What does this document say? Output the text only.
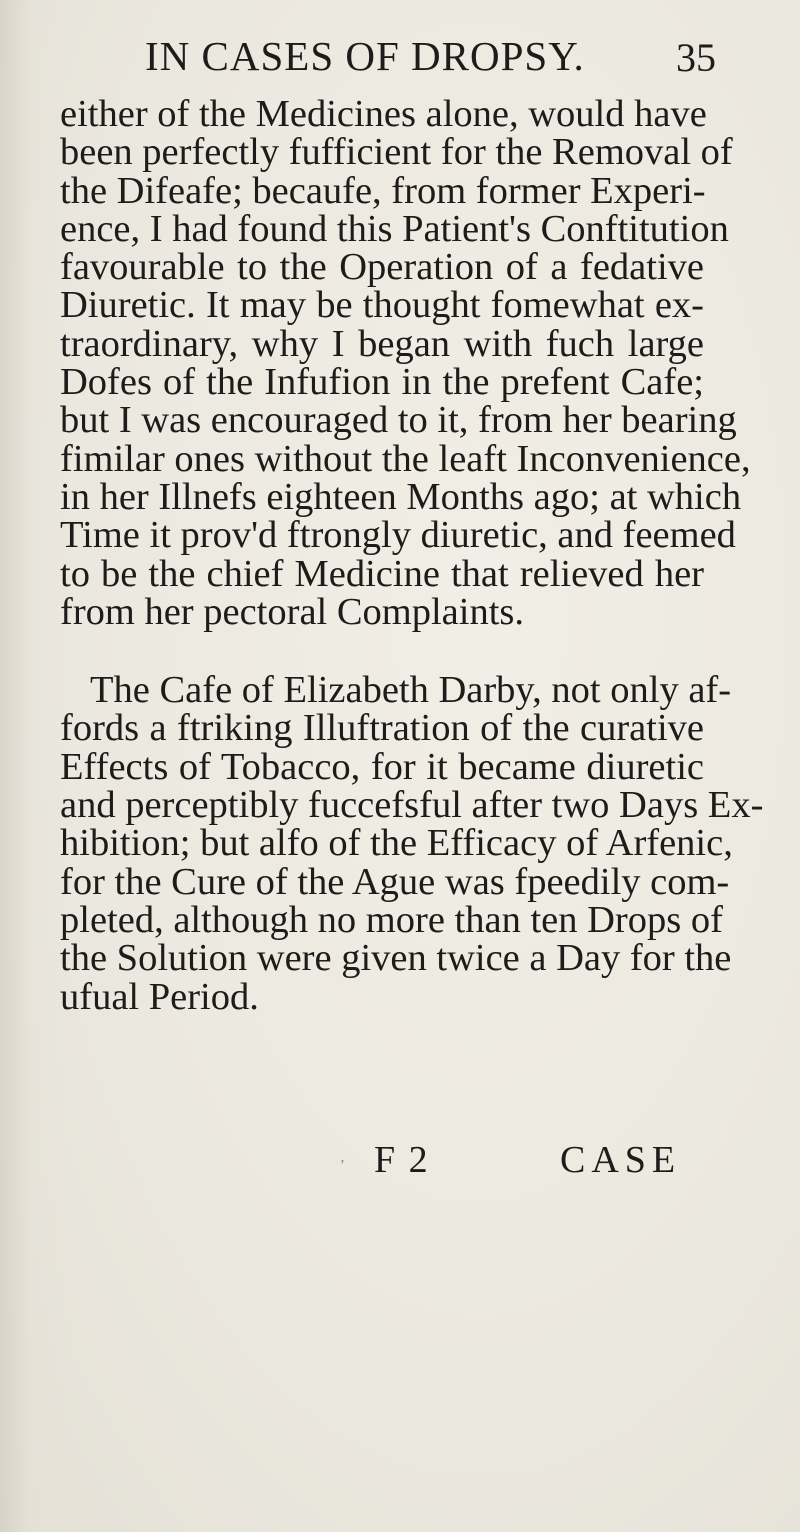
IN CASES OF DROPSY. 35

either of the Medicines alone, would have
been perfectly fufficient for the Removal of
the Difeafe; becaufe, from former Experi-
ence, I had found this Patient's Conftitution
favourable to the Operation of a fedative
Diuretic. It may be thought fomewhat ex-
traordinary, why I began with fuch large
Dofes of the Infufion in the prefent Cafe;
but I was encouraged to it, from her bearing
fimilar ones without the leaft Inconvenience,
in her Illnefs eighteen Months ago; at which
Time it prov'd ftrongly diuretic, and feemed
to be the chief Medicine that relieved her
from her pectoral Complaints.

The Cafe of Elizabeth Darby, not only af-
fords a ftriking Illuftration of the curative
Effects of Tobacco, for it became diuretic
and perceptibly fuccefsful after two Days Ex-
hibition; but alfo of the Efficacy of Arfenic,
for the Cure of the Ague was fpeedily com-
pleted, although no more than ten Drops of
the Solution were given twice a Day for the
ufual Period.

’ F 2	CASE
